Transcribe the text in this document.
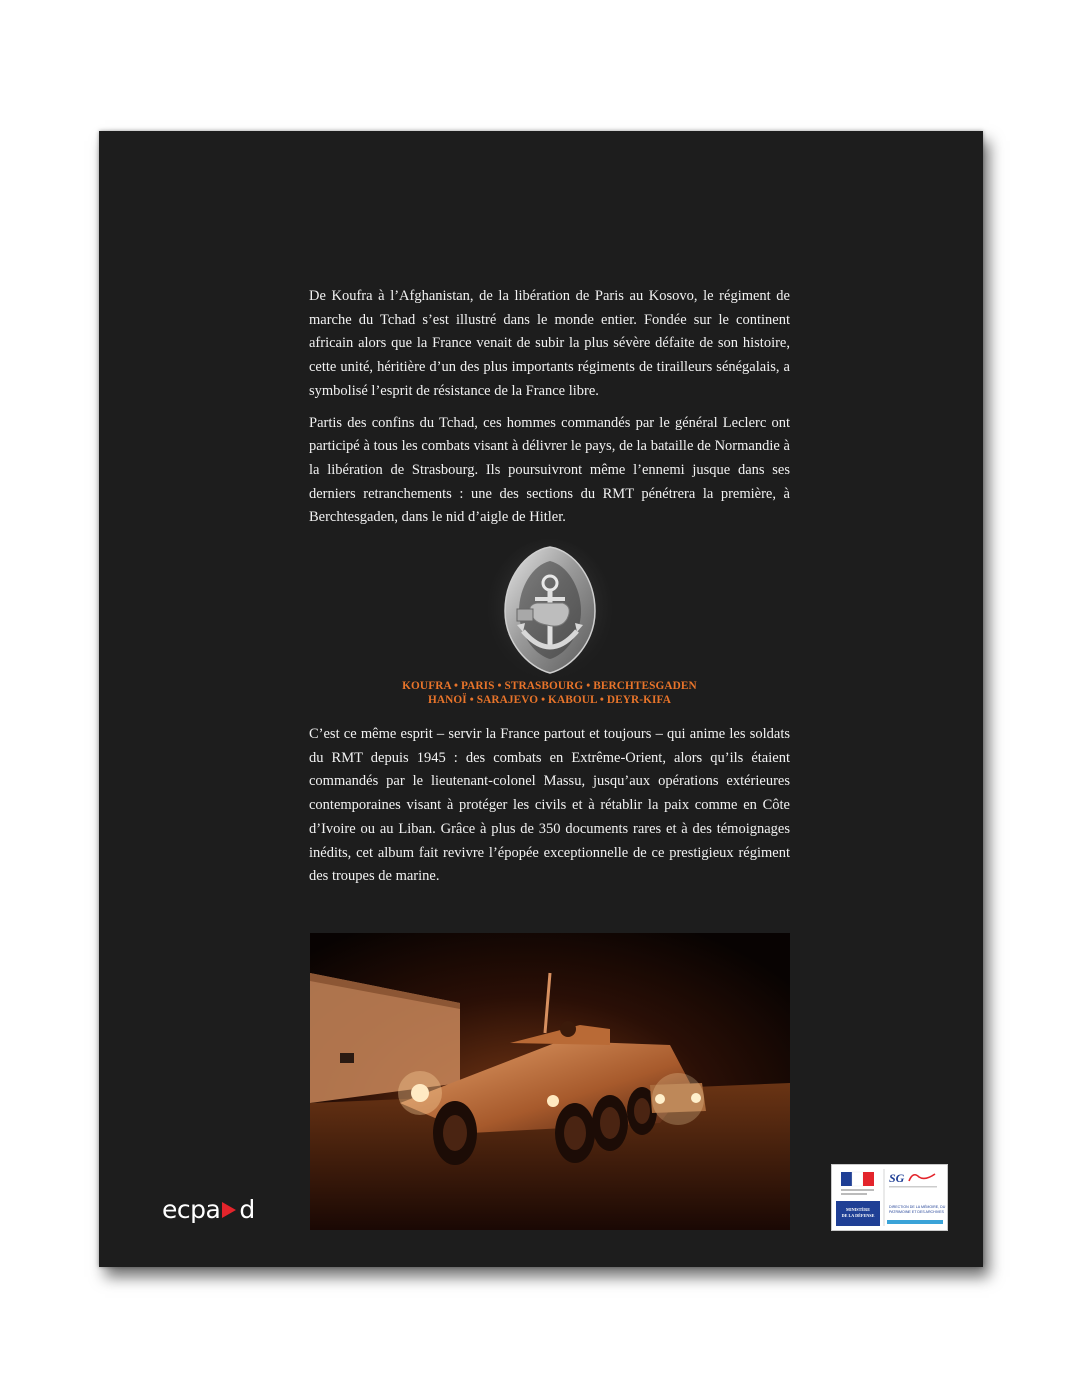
De Koufra à l’Afghanistan, de la libération de Paris au Kosovo, le régiment de marche du Tchad s’est illustré dans le monde entier. Fondée sur le continent africain alors que la France venait de subir la plus sévère défaite de son histoire, cette unité, héritière d’un des plus importants régiments de tirailleurs sénégalais, a symbolisé l’esprit de résistance de la France libre.

Partis des confins du Tchad, ces hommes commandés par le général Leclerc ont participé à tous les combats visant à délivrer le pays, de la bataille de Normandie à la libération de Strasbourg. Ils poursuivront même l’ennemi jusque dans ses derniers retranchements : une des sections du RMT pénétrera la première, à Berchtesgaden, dans le nid d’aigle de Hitler.

KOUFRA • PARIS • STRASBOURG • BERCHTESGADEN
HANOÏ • SARAJEVO • KABOUL • DEYR-KIFA

C’est ce même esprit – servir la France partout et toujours – qui anime les soldats du RMT depuis 1945 : des combats en Extrême-Orient, alors qu’ils étaient commandés par le lieutenant-colonel Massu, jusqu’aux opérations extérieures contemporaines visant à protéger les civils et à rétablir la paix comme en Côte d’Ivoire ou au Liban. Grâce à plus de 350 documents rares et à des témoignages inédits, cet album fait revivre l’épopée exceptionnelle de ce prestigieux régiment des troupes de marine.

ecpa d	MINISTÈRE
DE LA DÉFENSE
SG
DIRECTION DE LA MÉMOIRE, DU
PATRIMOINE ET DES ARCHIVES
